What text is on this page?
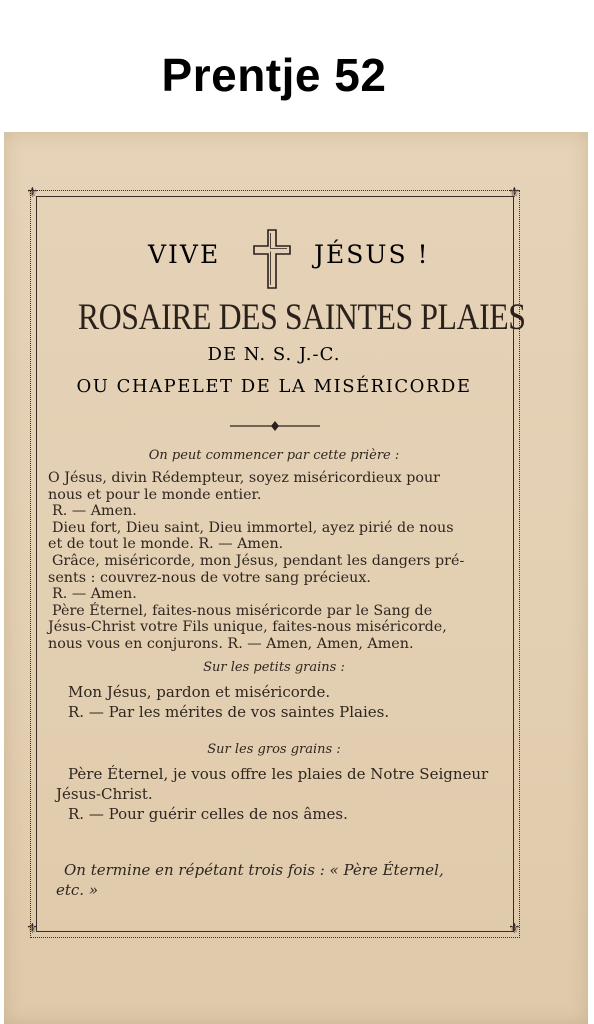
Prentje 52
⚜	⚜
⚜	⚜
VIVE	JÉSUS !
ROSAIRE DES SAINTES PLAIES
DE N. S. J.-C.
OU CHAPELET DE LA MISÉRICORDE
On peut commencer par cette prière :
O Jésus, divin Rédempteur, soyez miséricordieux pour
nous et pour le monde entier.
R. — Amen.
Dieu fort, Dieu saint, Dieu immortel, ayez pirié de nous
et de tout le monde. R. — Amen.
Grâce, miséricorde, mon Jésus, pendant les dangers pré-
sents : couvrez-nous de votre sang précieux.
R. — Amen.
Père Éternel, faites-nous miséricorde par le Sang de
Jésus-Christ votre Fils unique, faites-nous miséricorde,
nous vous en conjurons. R. — Amen, Amen, Amen.
Sur les petits grains :
Mon Jésus, pardon et miséricorde.
R. — Par les mérites de vos saintes Plaies.
Sur les gros grains :
Père Éternel, je vous offre les plaies de Notre Seigneur
Jésus-Christ.
R. — Pour guérir celles de nos âmes.
On termine en répétant trois fois : « Père Éternel,
etc. »
